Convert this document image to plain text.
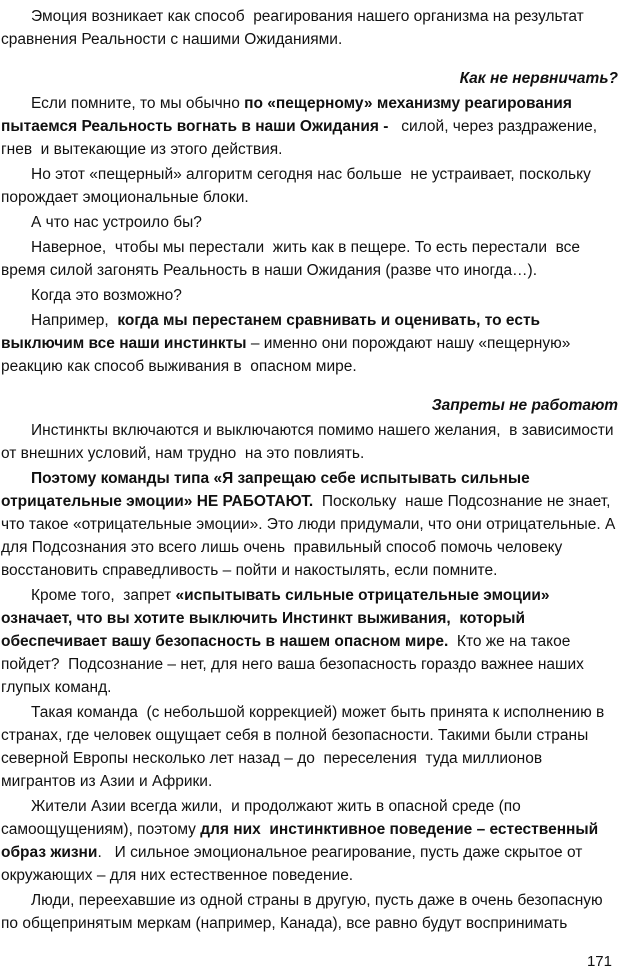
Эмоция возникает как способ  реагирования нашего организма на результат сравнения Реальности с нашими Ожиданиями.

Как не нервничать?

Если помните, то мы обычно по «пещерному» механизму реагирования пытаемся Реальность вогнать в наши Ожидания -   силой, через раздражение, гнев  и вытекающие из этого действия.

Но этот «пещерный» алгоритм сегодня нас больше  не устраивает, поскольку порождает эмоциональные блоки.

А что нас устроило бы?

Наверное,  чтобы мы перестали  жить как в пещере. То есть перестали  все время силой загонять Реальность в наши Ожидания (разве что иногда…).

Когда это возможно?

Например,  когда мы перестанем сравнивать и оценивать, то есть выключим все наши инстинкты – именно они порождают нашу «пещерную» реакцию как способ выживания в  опасном мире.

Запреты не работают

Инстинкты включаются и выключаются помимо нашего желания,  в зависимости от внешних условий, нам трудно  на это повлиять.

Поэтому команды типа «Я запрещаю себе испытывать сильные отрицательные эмоции» НЕ РАБОТАЮТ.  Поскольку  наше Подсознание не знает, что такое «отрицательные эмоции». Это люди придумали, что они отрицательные. А для Подсознания это всего лишь очень  правильный способ помочь человеку восстановить справедливость – пойти и накостылять, если помните.

Кроме того,  запрет «испытывать сильные отрицательные эмоции» означает, что вы хотите выключить Инстинкт выживания,  который обеспечивает вашу безопасность в нашем опасном мире.  Кто же на такое пойдет?  Подсознание – нет, для него ваша безопасность гораздо важнее наших глупых команд.

Такая команда  (с небольшой коррекцией) может быть принята к исполнению в странах, где человек ощущает себя в полной безопасности. Такими были страны северной Европы несколько лет назад – до  переселения  туда миллионов мигрантов из Азии и Африки.

Жители Азии всегда жили,  и продолжают жить в опасной среде (по самоощущениям), поэтому для них  инстинктивное поведение – естественный образ жизни.   И сильное эмоциональное реагирование, пусть даже скрытое от окружающих – для них естественное поведение.

Люди, переехавшие из одной страны в другую, пусть даже в очень безопасную по общепринятым меркам (например, Канада), все равно будут воспринимать

171
